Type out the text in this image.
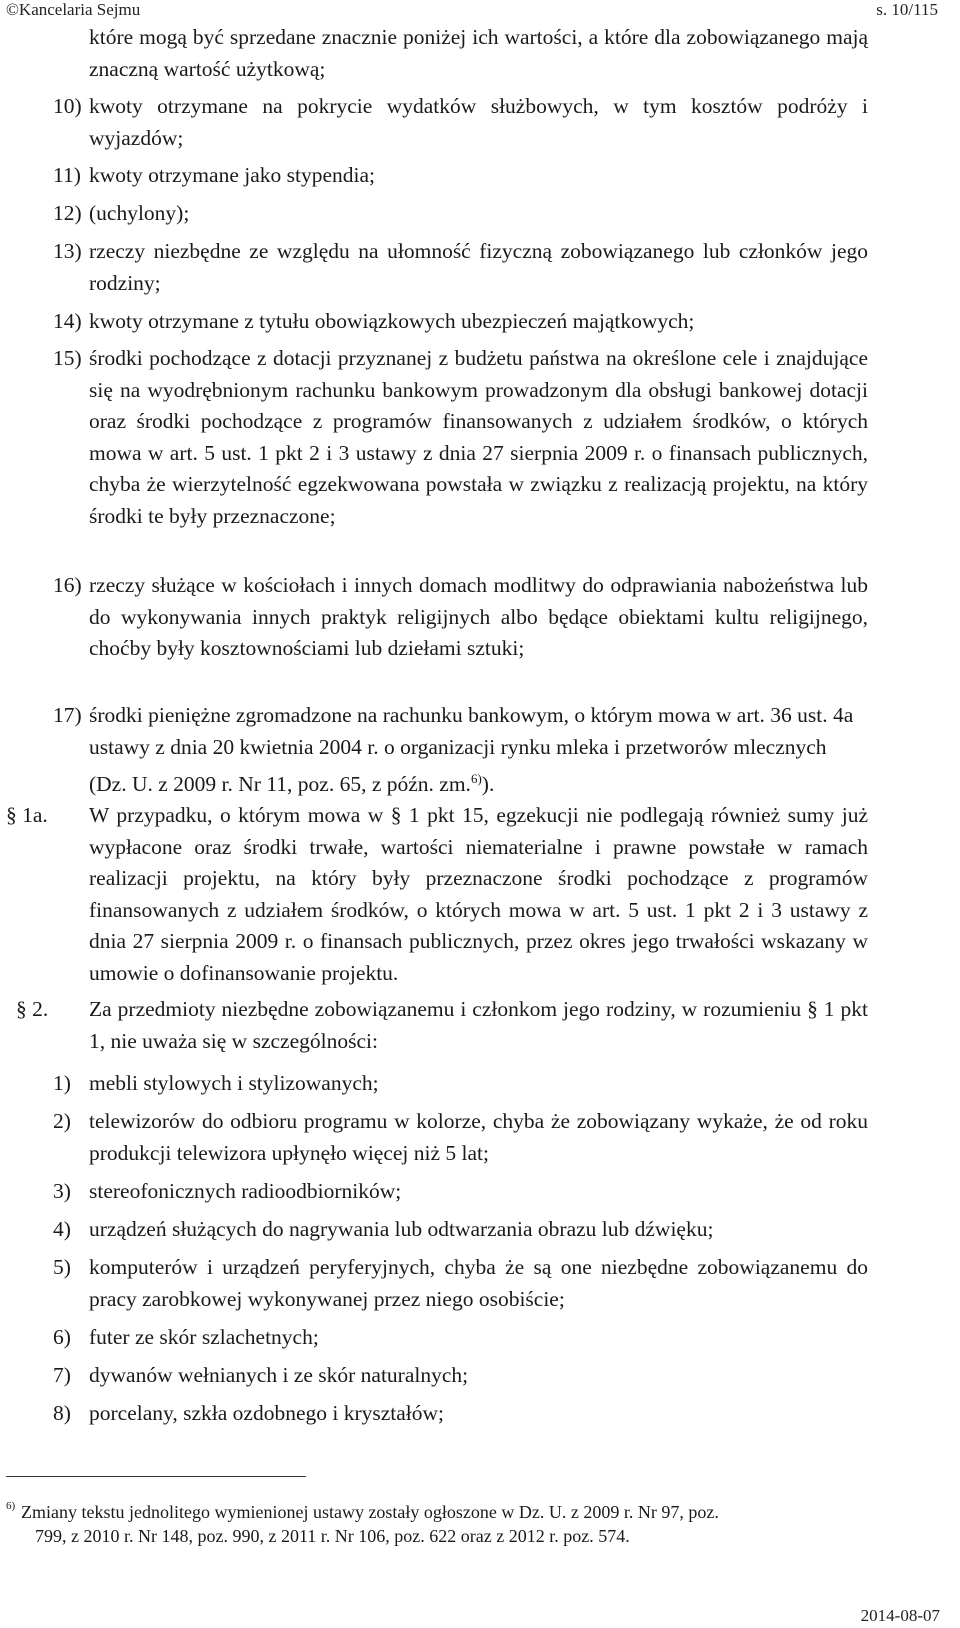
©Kancelaria Sejmu	s. 10/115
które mogą być sprzedane znacznie poniżej ich wartości, a które dla zobowiązanego mają znaczną wartość użytkową;
10) kwoty otrzymane na pokrycie wydatków służbowych, w tym kosztów podróży i wyjazdów;
11) kwoty otrzymane jako stypendia;
12) (uchylony);
13) rzeczy niezbędne ze względu na ułomność fizyczną zobowiązanego lub członków jego rodziny;
14) kwoty otrzymane z tytułu obowiązkowych ubezpieczeń majątkowych;
15) środki pochodzące z dotacji przyznanej z budżetu państwa na określone cele i znajdujące się na wyodrębnionym rachunku bankowym prowadzonym dla obsługi bankowej dotacji oraz środki pochodzące z programów finansowanych z udziałem środków, o których mowa w art. 5 ust. 1 pkt 2 i 3 ustawy z dnia 27 sierpnia 2009 r. o finansach publicznych, chyba że wierzytelność egzekwowana powstała w związku z realizacją projektu, na który środki te były przeznaczone;
16) rzeczy służące w kościołach i innych domach modlitwy do odprawiania nabożeństwa lub do wykonywania innych praktyk religijnych albo będące obiektami kultu religijnego, choćby były kosztownościami lub dziełami sztuki;
17) środki pieniężne zgromadzone na rachunku bankowym, o którym mowa w art. 36 ust. 4a ustawy z dnia 20 kwietnia 2004 r. o organizacji rynku mleka i przetworów mlecznych (Dz. U. z 2009 r. Nr 11, poz. 65, z późn. zm.$^{6)}$).
§ 1a. W przypadku, o którym mowa w § 1 pkt 15, egzekucji nie podlegają również sumy już wypłacone oraz środki trwałe, wartości niematerialne i prawne powstałe w ramach realizacji projektu, na który były przeznaczone środki pochodzące z programów finansowanych z udziałem środków, o których mowa w art. 5 ust. 1 pkt 2 i 3 ustawy z dnia 27 sierpnia 2009 r. o finansach publicznych, przez okres jego trwałości wskazany w umowie o dofinansowanie projektu.
§ 2. Za przedmioty niezbędne zobowiązanemu i członkom jego rodziny, w rozumieniu § 1 pkt 1, nie uważa się w szczególności:
1) mebli stylowych i stylizowanych;
2) telewizorów do odbioru programu w kolorze, chyba że zobowiązany wykaże, że od roku produkcji telewizora upłynęło więcej niż 5 lat;
3) stereofonicznych radioodbiorników;
4) urządzeń służących do nagrywania lub odtwarzania obrazu lub dźwięku;
5) komputerów i urządzeń peryferyjnych, chyba że są one niezbędne zobowiązanemu do pracy zarobkowej wykonywanej przez niego osobiście;
6) futer ze skór szlachetnych;
7) dywanów wełnianych i ze skór naturalnych;
8) porcelany, szkła ozdobnego i kryształów;
6) Zmiany tekstu jednolitego wymienionej ustawy zostały ogłoszone w Dz. U. z 2009 r. Nr 97, poz.
799, z 2010 r. Nr 148, poz. 990, z 2011 r. Nr 106, poz. 622 oraz z 2012 r. poz. 574.
2014-08-07
